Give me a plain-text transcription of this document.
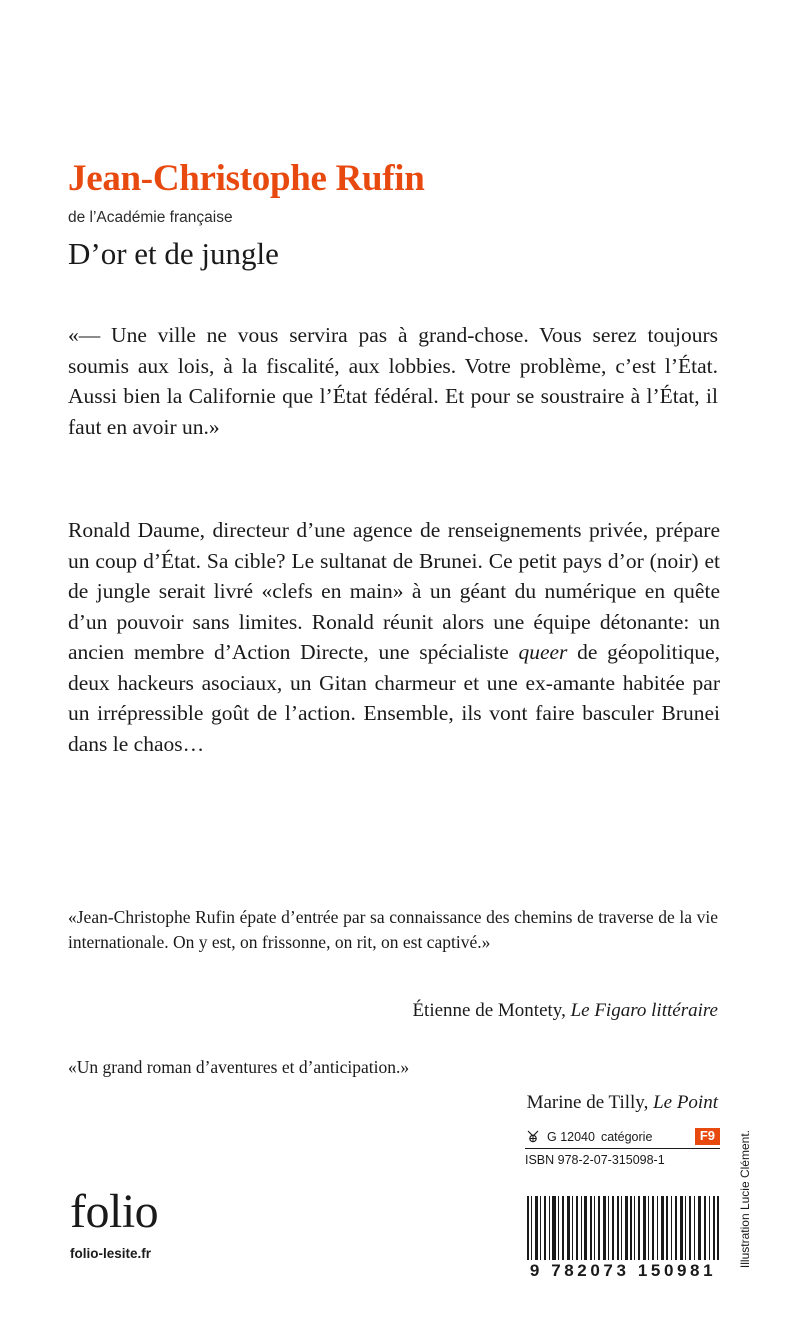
Jean-Christophe Rufin
de l’Académie française
D’or et de jungle
«— Une ville ne vous servira pas à grand-chose. Vous serez toujours soumis aux lois, à la fiscalité, aux lobbies. Votre problème, c’est l’État. Aussi bien la Californie que l’État fédéral. Et pour se soustraire à l’État, il faut en avoir un.»
Ronald Daume, directeur d’une agence de renseignements privée, prépare un coup d’État. Sa cible? Le sultanat de Brunei. Ce petit pays d’or (noir) et de jungle serait livré «clefs en main» à un géant du numérique en quête d’un pouvoir sans limites. Ronald réunit alors une équipe détonante: un ancien membre d’Action Directe, une spécialiste queer de géopolitique, deux hackeurs asociaux, un Gitan charmeur et une ex-amante habitée par un irrépressible goût de l’action. Ensemble, ils vont faire basculer Brunei dans le chaos…
«Jean-Christophe Rufin épate d’entrée par sa connaissance des chemins de traverse de la vie internationale. On y est, on frissonne, on rit, on est captivé.»
Étienne de Montety, Le Figaro littéraire
«Un grand roman d’aventures et d’anticipation.»
Marine de Tilly, Le Point
folio
folio-lesite.fr
G 12040 catégorie	F9
ISBN 978-2-07-315098-1
9 782073 150981
Illustration Lucie Clément.
